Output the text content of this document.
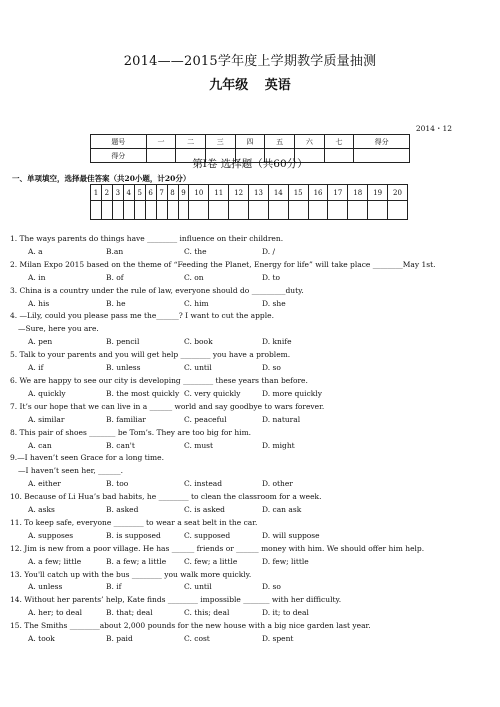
2014——2015学年度上学期教学质量抽测
九年级 英语
2014・12
题号	一	二	三	四	五	六	七	得分
得分								
第Ⅰ卷 选择题（共60分）
一、单项填空，选择最佳答案（共20小题，计20分）
1	2	3	4	5	6	7	8	9	10	11	12	13	14	15	16	17	18	19	20

1. The ways parents do things have ________ influence on their children.
A. a	B.an	C. the	D. /
2. Milan Expo 2015 based on the theme of “Feeding the Planet, Energy for life” will take place ________May 1st.
A. in	B. of	C. on	D. to
3. China is a country under the rule of law, everyone should do _________duty.
A. his	B. he	C. him	D. she
4. —Lily, could you please pass me the______? I want to cut the apple.
—Sure, here you are.
A. pen	B. pencil	C. book	D. knife
5. Talk to your parents and you will get help ________ you have a problem.
A. if	B. unless	C. until	D. so
6. We are happy to see our city is developing ________ these years than before.
A. quickly	B. the most quickly C. very quickly	D. more quickly
7. It’s our hope that we can live in a ______ world and say goodbye to wars forever.
A. similar	B. familiar	C. peaceful	D. natural
8. This pair of shoes _______ be Tom’s. They are too big for him.
A. can	B. can't	C. must	D. might
9.—I haven’t seen Grace for a long time.
—I haven’t seen her, ______.
A. either	B. too	C. instead	D. other
10. Because of Li Hua’s bad habits, he ________ to clean the classroom for a week.
A. asks	B. asked	C. is asked	D. can ask
11. To keep safe, everyone ________ to wear a seat belt in the car.
A. supposes	B. is supposed	C. supposed	D. will suppose
12. Jim is new from a poor village. He has ______ friends or ______ money with him. We should offer him help.
A. a few; little	B. a few; a little	C. few; a little	D. few; little
13. You'll catch up with the bus ________ you walk more quickly.
A. unless	B. if	C. until	D. so
14. Without her parents’ help, Kate finds ________ impossible _______ with her difficulty.
A. her; to deal	B. that; deal	C. this; deal	D. it; to deal
15. The Smiths ________about 2,000 pounds for the new house with a big nice garden last year.
A. took	B. paid	C. cost	D. spent
